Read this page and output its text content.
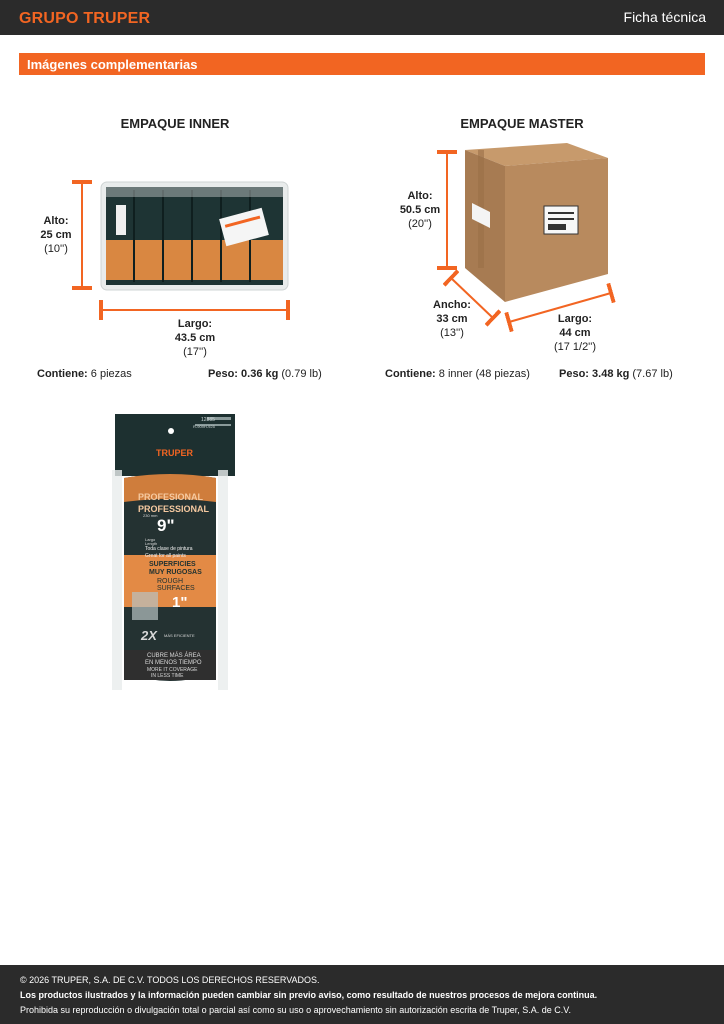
GRUPO TRUPER	Ficha técnica
Imágenes complementarias
EMPAQUE INNER	EMPAQUE MASTER
12885
R-909H-925
TRUPER
PROFESIONAL
PROFESSIONAL
230 mm
9"
Largo
Length
Toda clase de pintura
Great for all paints
SUPERFICIES
MUY RUGOSAS
ROUGH
SURFACES
1"
2X MÁS EFICIENTE
CUBRE MÁS ÁREA
EN MENOS TIEMPO
MORE IT COVERAGE
IN LESS TIME
Alto:
25 cm
(10'')
Largo:
43.5 cm
(17'')
Contiene: 6 piezas	Peso: 0.36 kg (0.79 lb)
Alto:
50.5 cm
(20'')
Ancho:
33 cm
(13'')
Largo:
44 cm
(17 1/2'')
Contiene: 8 inner (48 piezas)	Peso: 3.48 kg (7.67 lb)
© 2026 TRUPER, S.A. DE C.V. TODOS LOS DERECHOS RESERVADOS.
Los productos ilustrados y la información pueden cambiar sin previo aviso, como resultado de nuestros procesos de mejora continua.
Prohibida su reproducción o divulgación total o parcial así como su uso o aprovechamiento sin autorización escrita de Truper, S.A. de C.V.
